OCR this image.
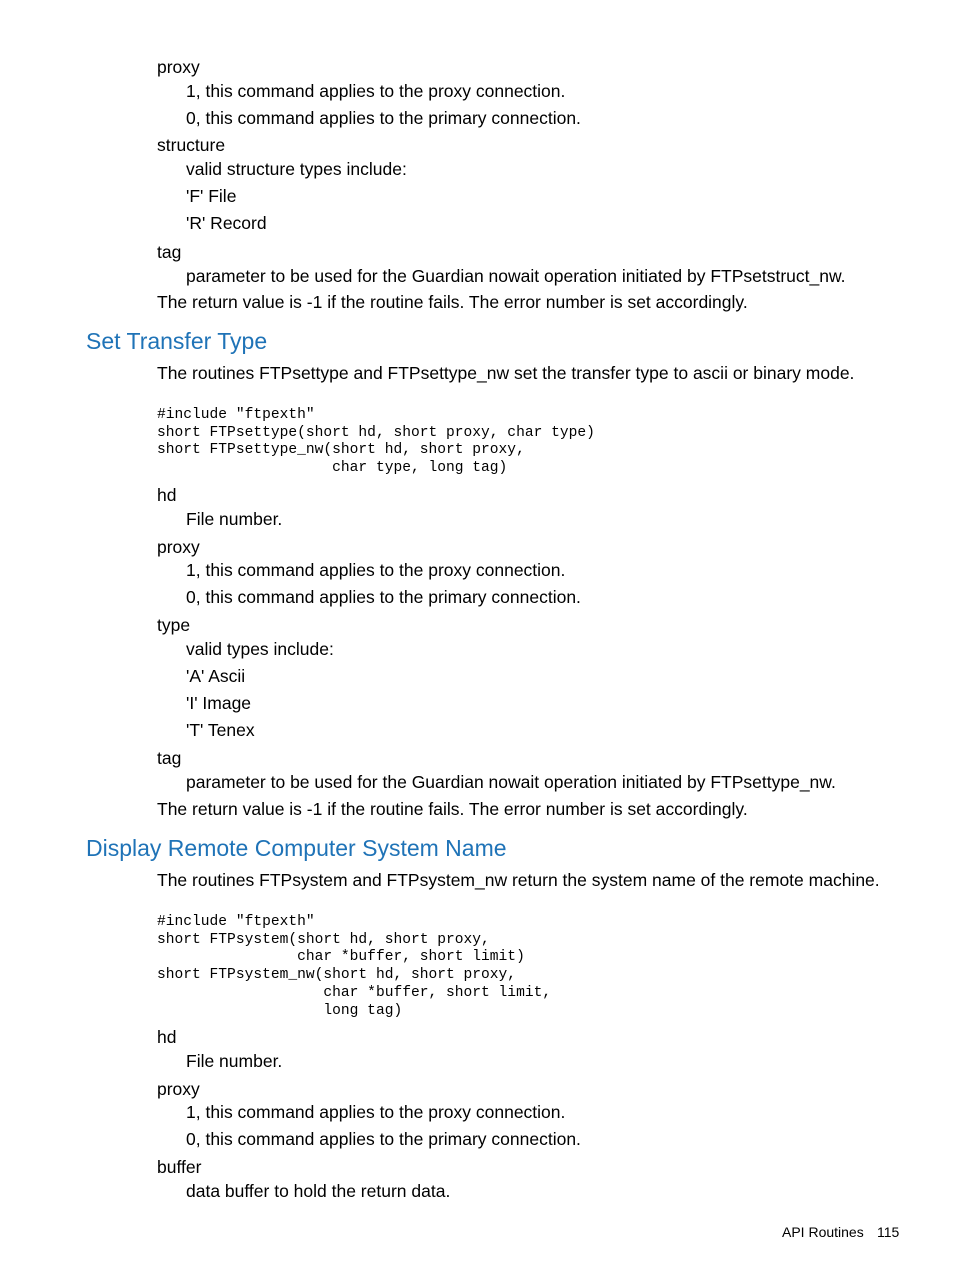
proxy
1, this command applies to the proxy connection.
0, this command applies to the primary connection.
structure
valid structure types include:
'F' File
'R' Record
tag
parameter to be used for the Guardian nowait operation initiated by FTPsetstruct_nw.
The return value is -1 if the routine fails. The error number is set accordingly.
Set Transfer Type
The routines FTPsettype and FTPsettype_nw set the transfer type to ascii or binary mode.
#include "ftpexth"
short FTPsettype(short hd, short proxy, char type)
short FTPsettype_nw(short hd, short proxy,
char type, long tag)
hd
File number.
proxy
1, this command applies to the proxy connection.
0, this command applies to the primary connection.
type
valid types include:
'A' Ascii
'I' Image
'T' Tenex
tag
parameter to be used for the Guardian nowait operation initiated by FTPsettype_nw.
The return value is -1 if the routine fails. The error number is set accordingly.
Display Remote Computer System Name
The routines FTPsystem and FTPsystem_nw return the system name of the remote machine.
#include "ftpexth"
short FTPsystem(short hd, short proxy,
char *buffer, short limit)
short FTPsystem_nw(short hd, short proxy,
char *buffer, short limit,
long tag)
hd
File number.
proxy
1, this command applies to the proxy connection.
0, this command applies to the primary connection.
buffer
data buffer to hold the return data.
API Routines 115
